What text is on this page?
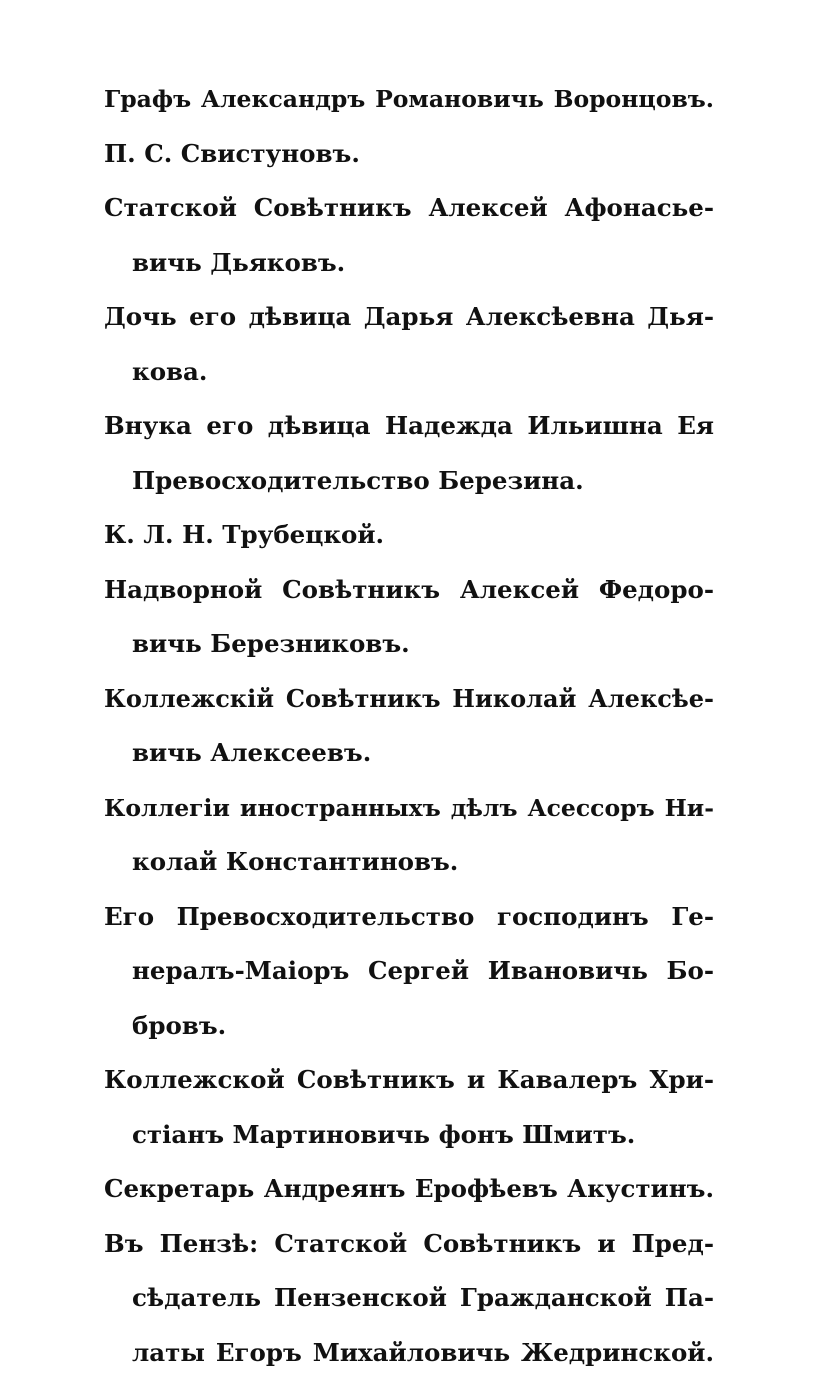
Графъ Александръ Романовичь Воронцовъ.
П. С. Свистуновъ.
Статской Совѣтникъ Алексей Афонасье-
вичь Дьяковъ.
Дочь его дѣвица Дарья Алексѣевна Дья-
кова.
Внука его дѣвица Надежда Ильишна Ея
Превосходительство Березина.
К. Л. Н. Трубецкой.
Надворной Совѣтникъ Алексей Федоро-
вичь Березниковъ.
Коллежскій Совѣтникъ Николай Алексѣе-
вичь Алексеевъ.
Коллегіи иностранныхъ дѣлъ Асессоръ Ни-
колай Константиновъ.
Его Превосходительство господинъ Ге-
нералъ-Маіоръ Сергей Ивановичь Бо-
бровъ.
Коллежской Совѣтникъ и Кавалеръ Хри-
стіанъ Мартиновичь фонъ Шмитъ.
Секретарь Андреянъ Ерофѣевъ Акустинъ.
Въ Пензѣ: Статской Совѣтникъ и Пред-
сѣдатель Пензенской Гражданской Па-
латы Егоръ Михайловичь Жедринской.
